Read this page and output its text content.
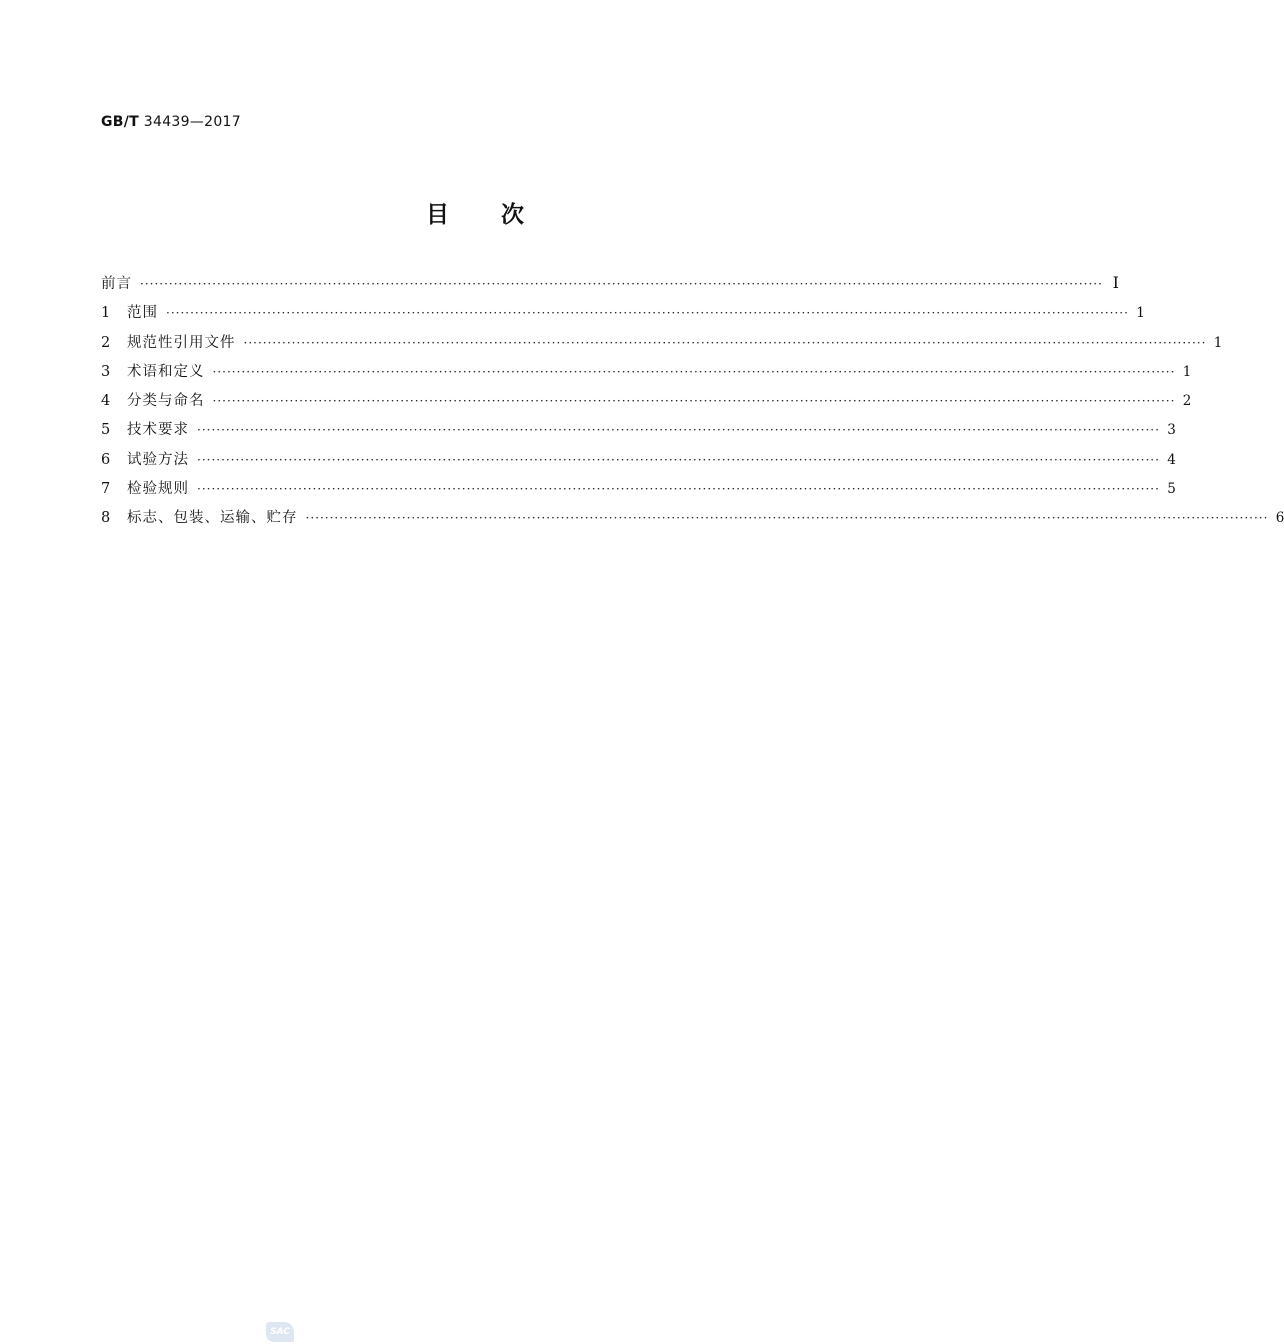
GB/T 34439—2017
目 次
前言 ········································································································································································································ Ⅰ
1	范围 ········································································································································································································ 1
2	规范性引用文件 ········································································································································································································ 1
3	术语和定义 ········································································································································································································ 1
4	分类与命名 ········································································································································································································ 2
5	技术要求 ········································································································································································································ 3
6	试验方法 ········································································································································································································ 4
7	检验规则 ········································································································································································································ 5
8	标志、包装、运输、贮存 ········································································································································································································ 6
SAC
